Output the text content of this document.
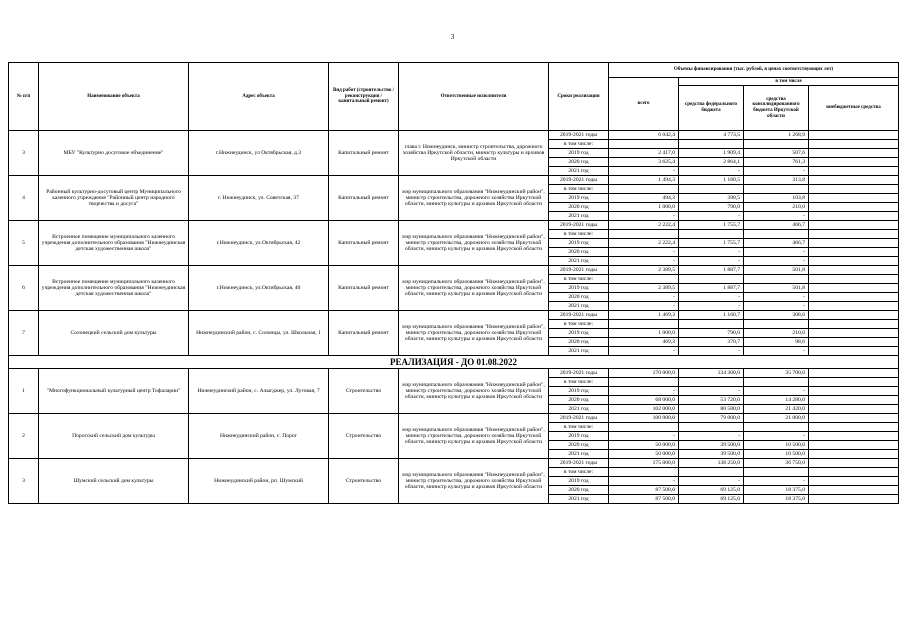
3
№ п/п	Наименование объекта	Адрес объекта	Вид работ (строительство /реконструкция /капитальный ремонт)	Ответственные исполнители	Сроки реализации	Объемы финансирования (тыс. рублей, в ценах соответствующих лет)			
						всего	в том числе		
							средства федерального бюджета	средства консолидированного бюджета Иркутской области	внебюджетные средства
3	МБУ "Культурно досуговое объединение"	г.Нижнеудинск, ул Октябрьская, д.3	Капитальный ремонт	глава г. Нижнеудинск, министр строительства, дорожного хозяйства Иркутской области, министр культуры и архивов Иркутской области	2019-2021 годы	6 042,4	4 773,5	1 268,9	
					в том числе:				
					2019 год	2 417,0	1 909,4	507,6	
					2020 год	3 625,4	2 864,1	761,3	
					2021 год	-	-	-	
4	Районный культурно-досуговый центр Муниципального казенного учреждения "Районный центр народного творчества и досуга"	г. Нижнеудинск, ул. Советская, 37	Капитальный ремонт	мэр муниципального образования "Нижнеудинский район", министр строительства, дорожного хозяйства Иркутской области, министр культуры и архивов Иркутской области	2019-2021 годы	1 494,3	1 180,5	313,8	
					в том числе:				
					2019 год	494,3	390,5	103,8	
					2020 год	1 000,0	790,0	210,0	
					2021 год	-	-	-	
5	Встроенное помещение муниципального казенного учреждения дополнительного образования "Нижнеудинская детская художественная школа"	г.Нижнеудинск, ул.Октябрьская, 42	Капитальный ремонт	мэр муниципального образования "Нижнеудинский район", министр строительства, дорожного хозяйства Иркутской области, министр культуры и архивов Иркутской области	2019-2021 годы	2 222,4	1 755,7	466,7	
					в том числе:				
					2019 год	2 222,4	1 755,7	466,7	
					2020 год	-	-	-	
					2021 год	-	-	-	
6	Встроенное помещение муниципального казенного учреждения дополнительного образования "Нижнеудинская детская художественная школа"	г.Нижнеудинск, ул.Октябрьская, 40	Капитальный ремонт	мэр муниципального образования "Нижнеудинский район", министр строительства, дорожного хозяйства Иркутской области, министр культуры и архивов Иркутской области	2019-2021 годы	2 389,5	1 887,7	501,8	
					в том числе:				
					2019 год	2 389,5	1 887,7	501,8	
					2020 год	-	-	-	
					2021 год	-	-	-	
7	Солонецкий сельский дом культуры	Нижнеудинский район, с. Солонцы, ул. Школьная, 1	Капитальный ремонт	мэр муниципального образования "Нижнеудинский район", министр строительства, дорожного хозяйства Иркутской области, министр культуры и архивов Иркутской области	2019-2021 годы	1 469,3	1 160,7	308,6	
					в том числе:				
					2019 год	1 000,0	790,0	210,0	
					2020 год	469,3	370,7	98,6	
					2021 год	-	-	-	
РЕАЛИЗАЦИЯ - ДО 01.08.2022									
1	"Многофункциональный культурный центр Тофаларии"	Нижнеудинский район, с. Алыгджер, ул. Луговая, 7	Строительство	мэр муниципального образования "Нижнеудинский район", министр строительства, дорожного хозяйства Иркутской области, министр культуры и архивов Иркутской области	2019-2021 годы	170 000,0	134 300,0	35 700,0	
					в том числе:				
					2019 год	-	-	-	
					2020 год	68 000,0	53 720,0	14 280,0	
					2021 год	102 000,0	80 580,0	21 420,0	
2	Порогский сельский дом культуры	Нижнеудинский район, с. Порог	Строительство	мэр муниципального образования "Нижнеудинский район", министр строительства, дорожного хозяйства Иркутской области, министр культуры и архивов Иркутской области	2019-2021 годы	100 000,0	79 000,0	21 000,0	
					в том числе:				
					2019 год	-	-	-	
					2020 год	50 000,0	39 500,0	10 500,0	
					2021 год	50 000,0	39 500,0	10 500,0	
3	Шумский сельский дом культуры	Нижнеудинский район, рп. Шумский	Строительство	мэр муниципального образования "Нижнеудинский район", министр строительства, дорожного хозяйства Иркутской области, министр культуры и архивов Иркутской области	2019-2021 годы	175 000,0	138 250,0	36 750,0	
					в том числе:				
					2019 год	-	-	-	
					2020 год	87 500,0	69 125,0	18 375,0	
					2021 год	87 500,0	69 125,0	18 375,0	
